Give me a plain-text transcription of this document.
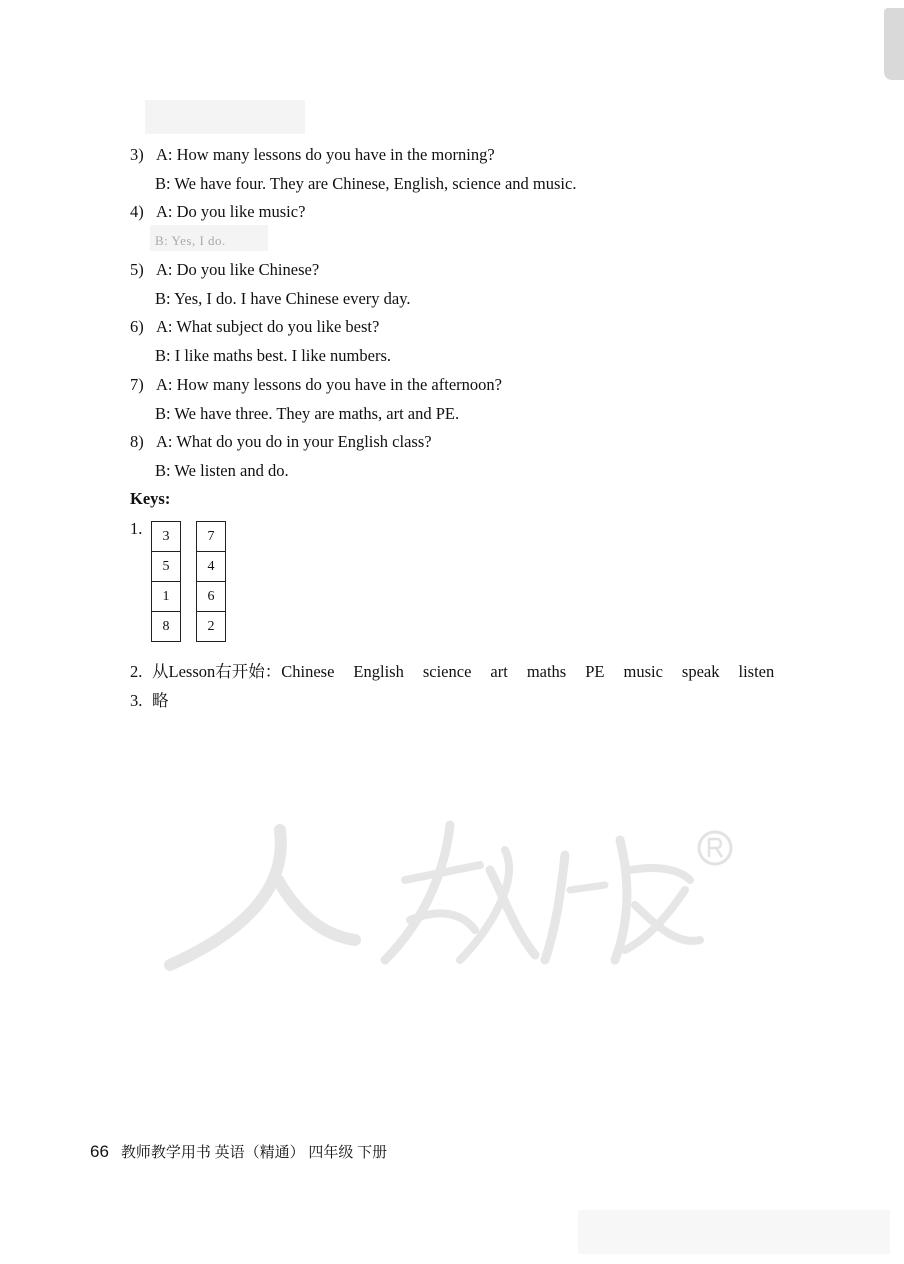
3) A: How many lessons do you have in the morning?
B: We have four. They are Chinese, English, science and music.
4) A: Do you like music?
B: Yes, I do.
5) A: Do you like Chinese?
B: Yes, I do. I have Chinese every day.
6) A: What subject do you like best?
B: I like maths best. I like numbers.
7) A: How many lessons do you have in the afternoon?
B: We have three. They are maths, art and PE.
8) A: What do you do in your English class?
B: We listen and do.
Keys:
1.	3
5
1
8
7
4
6
2
2. 从Lesson右开始：Chinese English science art maths PE music speak listen
3. 略
66 教师教学用书 英语（精通） 四年级 下册
